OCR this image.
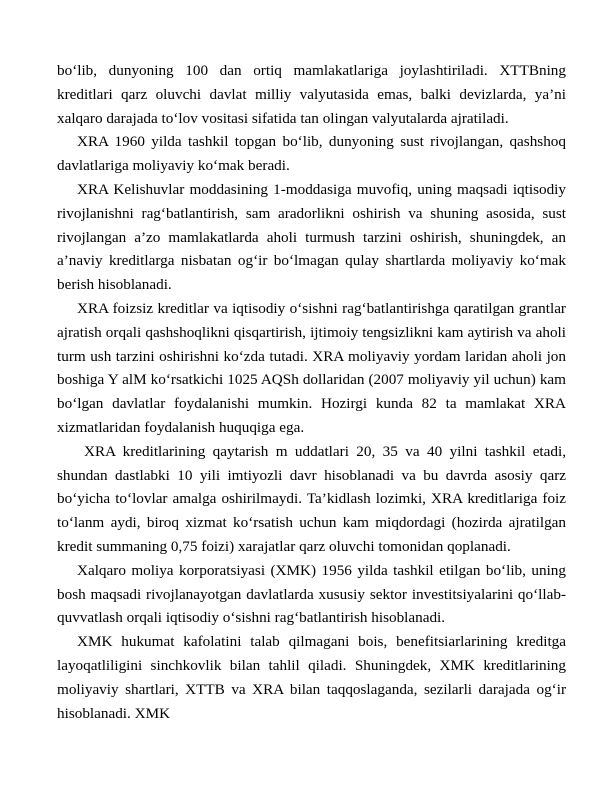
bo‘lib, dunyoning 100 dan ortiq mamlakatlariga joylashtiriladi. XTTBning kreditlari qarz oluvchi davlat milliy valyutasida emas, balki devizlarda, ya’ni xalqaro darajada to‘lov vositasi sifatida tan olingan valyutalarda ajratiladi.

XRA 1960 yilda tashkil topgan bo‘lib, dunyoning sust rivojlangan, qashshoq davlatlariga moliyaviy ko‘mak beradi.

XRA Kelishuvlar moddasining 1-moddasiga muvofiq, uning maqsadi iqtisodiy rivojlanishni rag‘batlantirish, sam aradorlikni oshirish va shuning asosida, sust rivojlangan a’zo mamlakatlarda aholi turmush tarzini oshirish, shuningdek, an a’naviy kreditlarga nisbatan og‘ir bo‘lmagan qulay shartlarda moliyaviy ko‘mak berish hisoblanadi.

XRA foizsiz kreditlar va iqtisodiy o‘sishni rag‘batlantirishga qaratilgan grantlar ajratish orqali qashshoqlikni qisqartirish, ijtimoiy tengsizlikni kam aytirish va aholi turm ush tarzini oshirishni ko‘zda tutadi. XRA moliyaviy yordam laridan aholi jon boshiga Y alM ko‘rsatkichi 1025 AQSh dollaridan (2007 moliyaviy yil uchun) kam bo‘lgan davlatlar foydalanishi mumkin. Hozirgi kunda 82 ta mamlakat XRA xizmatlaridan foydalanish huquqiga ega.

XRA kreditlarining qaytarish m uddatlari 20, 35 va 40 yilni tashkil etadi, shundan dastlabki 10 yili imtiyozli davr hisoblanadi va bu davrda asosiy qarz bo‘yicha to‘lovlar amalga oshirilmaydi. Ta’kidlash lozimki, XRA kreditlariga foiz to‘lanm aydi, biroq xizmat ko‘rsatish uchun kam miqdordagi (hozirda ajratilgan kredit summaning 0,75 foizi) xarajatlar qarz oluvchi tomonidan qoplanadi.

Xalqaro moliya korporatsiyasi (XMK) 1956 yilda tashkil etilgan bo‘lib, uning bosh maqsadi rivojlanayotgan davlatlarda xususiy sektor investitsiyalarini qo‘llab-quvvatlash orqali iqtisodiy o‘sishni rag‘batlantirish hisoblanadi.

XMK hukumat kafolatini talab qilmagani bois, benefitsiarlarining kreditga layoqatliligini sinchkovlik bilan tahlil qiladi. Shuningdek, XMK kreditlarining moliyaviy shartlari, XTTB va XRA bilan taqqoslaganda, sezilarli darajada og‘ir hisoblanadi. XMK
